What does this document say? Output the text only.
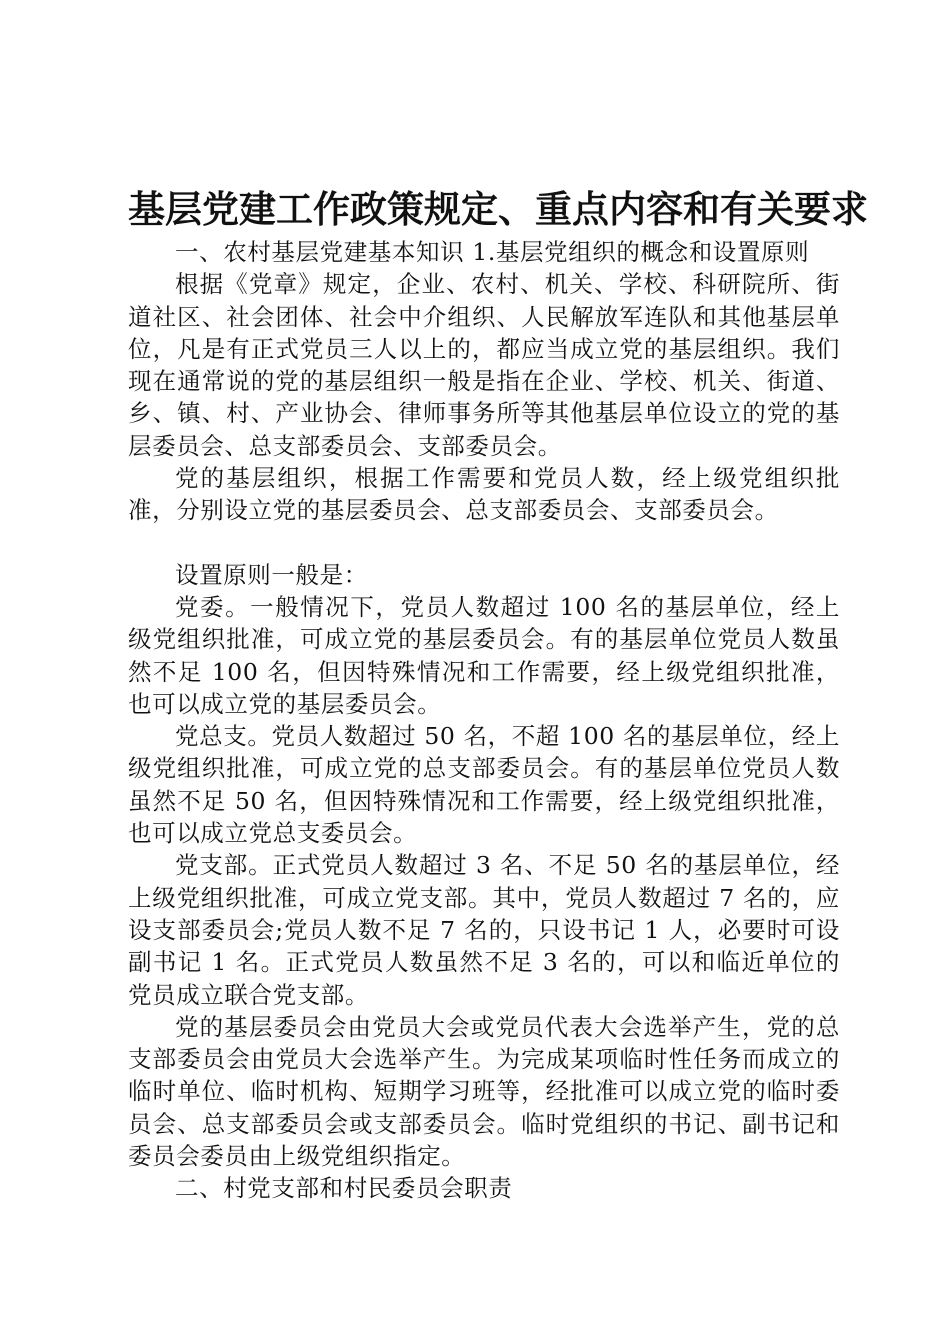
基层党建工作政策规定、重点内容和有关要求

一、农村基层党建基本知识 1.基层党组织的概念和设置原则

根据《党章》规定，企业、农村、机关、学校、科研院所、街道社区、社会团体、社会中介组织、人民解放军连队和其他基层单位，凡是有正式党员三人以上的，都应当成立党的基层组织。我们现在通常说的党的基层组织一般是指在企业、学校、机关、街道、乡、镇、村、产业协会、律师事务所等其他基层单位设立的党的基层委员会、总支部委员会、支部委员会。

党的基层组织，根据工作需要和党员人数，经上级党组织批准，分别设立党的基层委员会、总支部委员会、支部委员会。

设置原则一般是：

党委。一般情况下，党员人数超过 100 名的基层单位，经上级党组织批准，可成立党的基层委员会。有的基层单位党员人数虽然不足 100 名，但因特殊情况和工作需要，经上级党组织批准，也可以成立党的基层委员会。

党总支。党员人数超过 50 名，不超 100 名的基层单位，经上级党组织批准，可成立党的总支部委员会。有的基层单位党员人数虽然不足 50 名，但因特殊情况和工作需要，经上级党组织批准，也可以成立党总支委员会。

党支部。正式党员人数超过 3 名、不足 50 名的基层单位，经上级党组织批准，可成立党支部。其中，党员人数超过 7 名的，应设支部委员会;党员人数不足 7 名的，只设书记 1 人，必要时可设副书记 1 名。正式党员人数虽然不足 3 名的，可以和临近单位的党员成立联合党支部。

党的基层委员会由党员大会或党员代表大会选举产生，党的总支部委员会由党员大会选举产生。为完成某项临时性任务而成立的临时单位、临时机构、短期学习班等，经批准可以成立党的临时委员会、总支部委员会或支部委员会。临时党组织的书记、副书记和委员会委员由上级党组织指定。

二、村党支部和村民委员会职责
